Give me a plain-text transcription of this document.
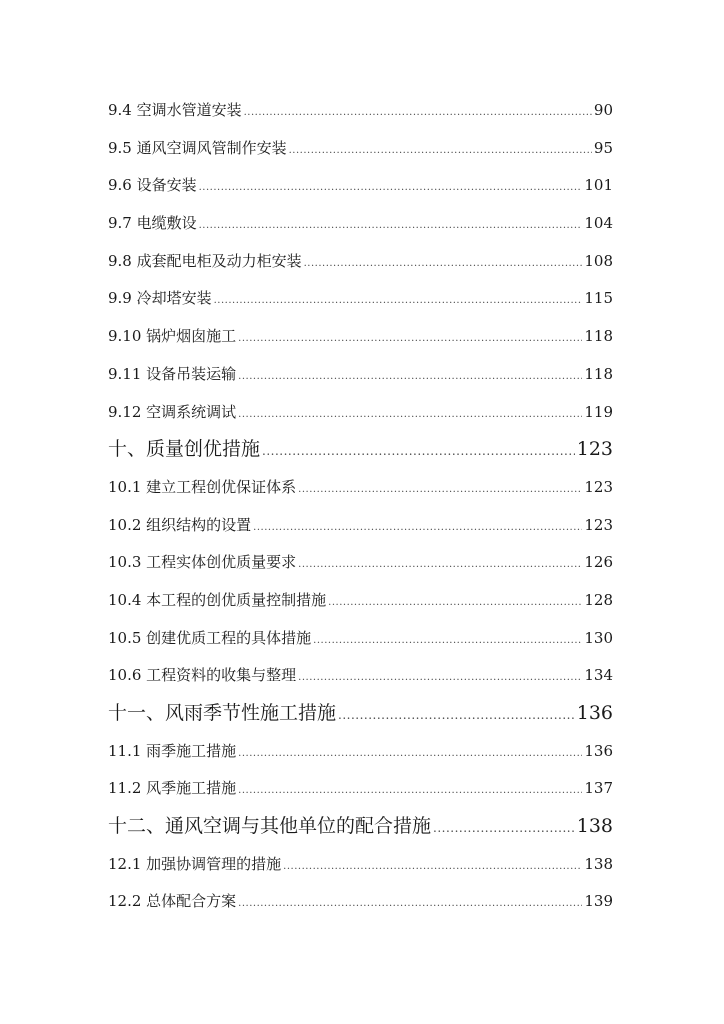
9.4 空调水管道安装 .....	90
9.5 通风空调风管制作安装 .....	95
9.6 设备安装 .....	101
9.7 电缆敷设 .....	104
9.8 成套配电柜及动力柜安装 .....	108
9.9 冷却塔安装 .....	115
9.10 锅炉烟囱施工 .....	118
9.11 设备吊装运输 .....	118
9.12 空调系统调试 .....	119
十、质量创优措施 .....	123
10.1 建立工程创优保证体系 .....	123
10.2 组织结构的设置 .....	123
10.3 工程实体创优质量要求 .....	126
10.4 本工程的创优质量控制措施 .....	128
10.5 创建优质工程的具体措施 .....	130
10.6 工程资料的收集与整理 .....	134
十一、风雨季节性施工措施 .....	136
11.1 雨季施工措施 .....	136
11.2 风季施工措施 .....	137
十二、通风空调与其他单位的配合措施 .....	138
12.1 加强协调管理的措施 .....	138
12.2 总体配合方案 .....	139
